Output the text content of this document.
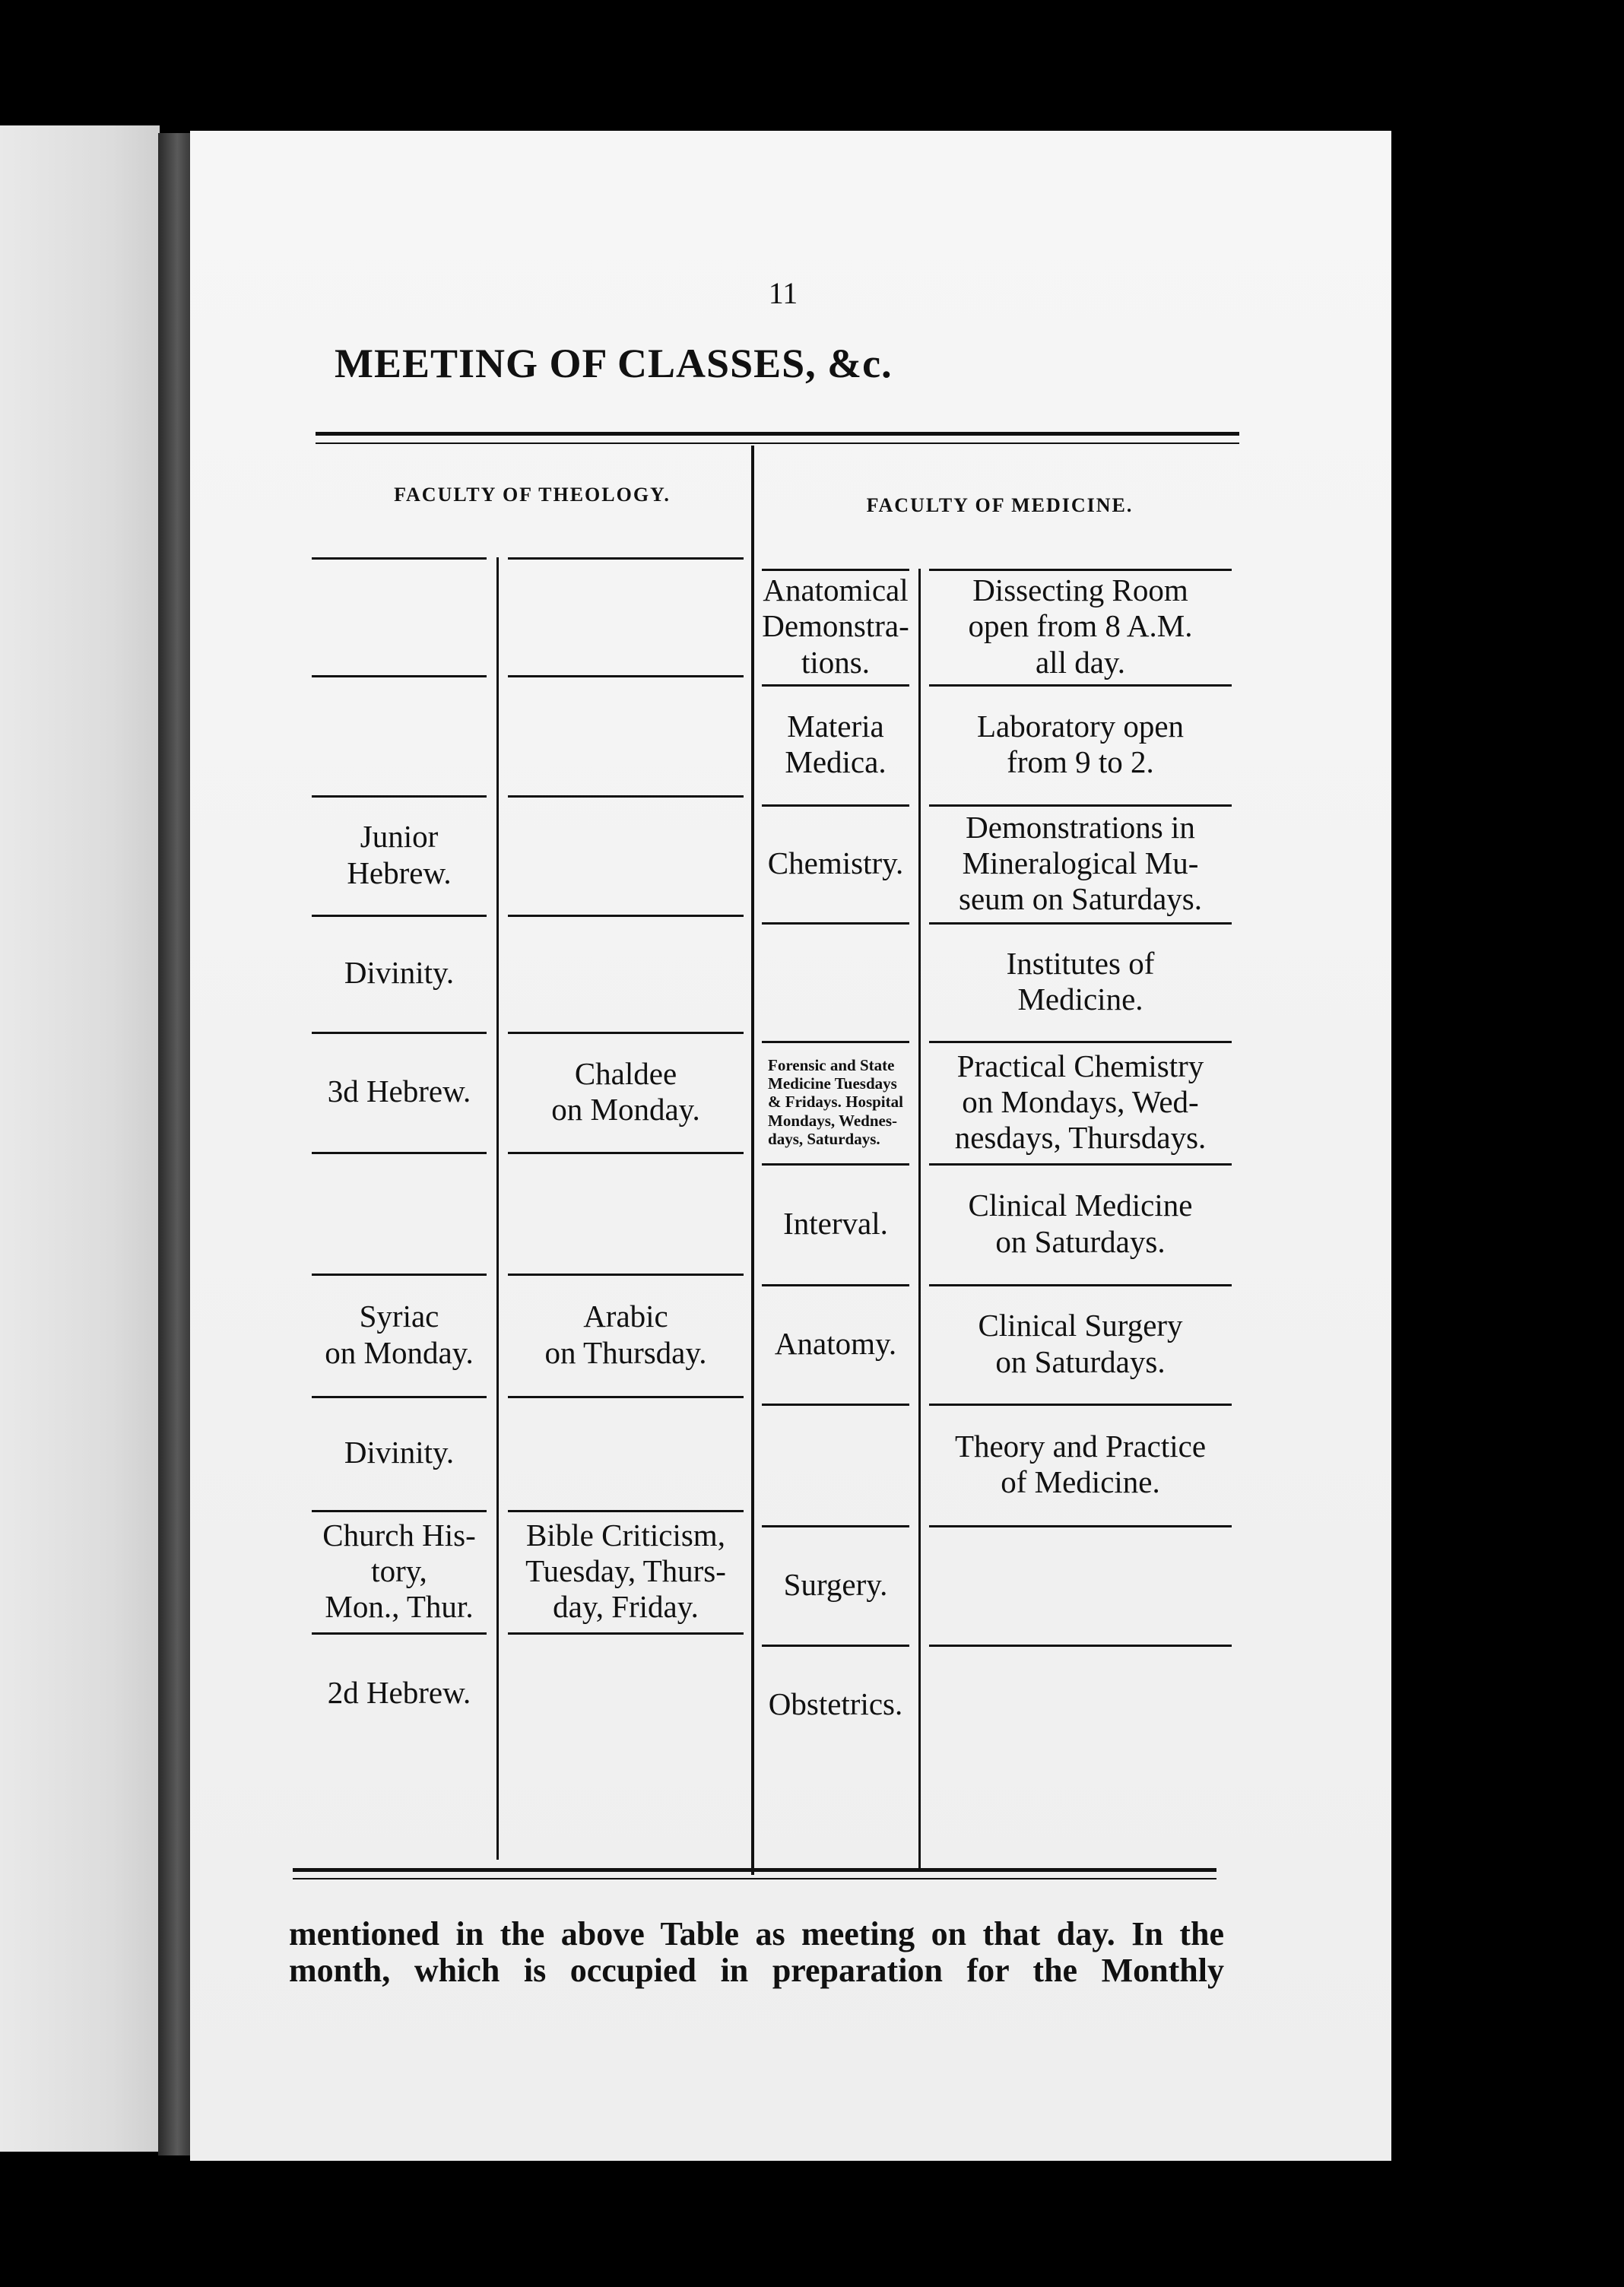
11
MEETING OF CLASSES, &c.
FACULTY OF THEOLOGY.	FACULTY OF MEDICINE.
Junior
Hebrew.
Divinity.
3d Hebrew.
Syriac
on Monday.
Divinity.
Church His-
tory,
Mon., Thur.
2d Hebrew.
Chaldee
on Monday.
Arabic
on Thursday.
Bible Criticism,
Tuesday, Thurs-
day, Friday.
Anatomical
Demonstra-
tions.
Materia
Medica.
Chemistry.
Forensic and State
Medicine Tuesdays
& Fridays. Hospital
Mondays, Wednes-
days, Saturdays.
Interval.
Anatomy.
Surgery.
Obstetrics.
Dissecting Room
open from 8 A.M.
all day.
Laboratory open
from 9 to 2.
Demonstrations in
Mineralogical Mu-
seum on Saturdays.
Institutes of
Medicine.
Practical Chemistry
on Mondays, Wed-
nesdays, Thursdays.
Clinical Medicine
on Saturdays.
Clinical Surgery
on Saturdays.
Theory and Practice
of Medicine.
mentioned in the above Table as meeting on that day. In the
month, which is occupied in preparation for the Monthly
